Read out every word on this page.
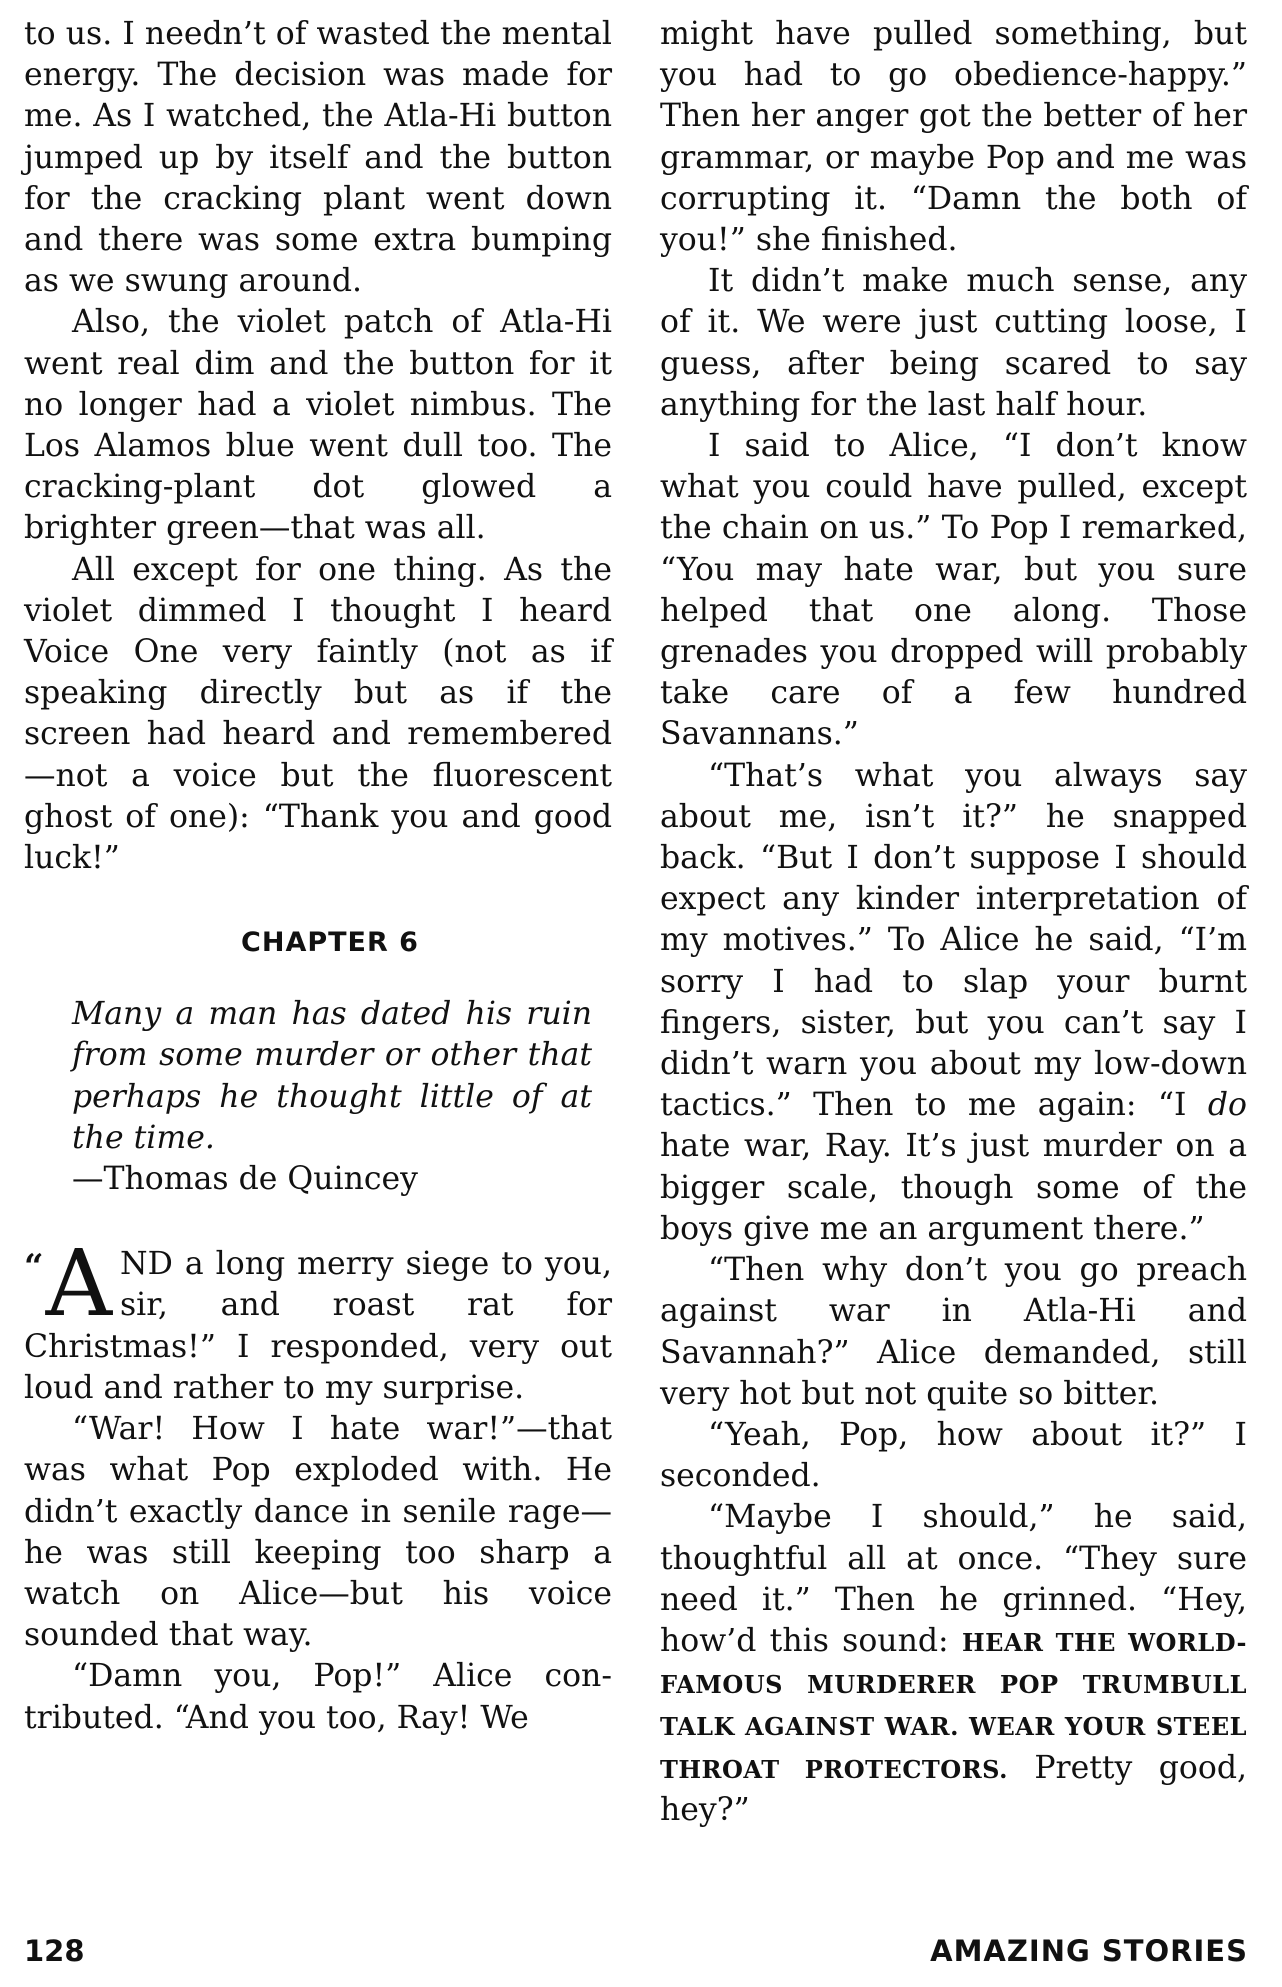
to us. I needn’t of wasted the mental energy. The decision was made for me. As I watched, the Atla-Hi button jumped up by itself and the button for the cracking plant went down and there was some extra bumping as we swung around.

Also, the violet patch of Atla-Hi went real dim and the button for it no longer had a violet nimbus. The Los Alamos blue went dull too. The cracking-plant dot glowed a brighter green—that was all.

All except for one thing. As the violet dimmed I thought I heard Voice One very faintly (not as if speaking directly but as if the screen had heard and remembered—not a voice but the fluorescent ghost of one): “Thank you and good luck!”

CHAPTER 6
Many a man has dated his ruin from some murder or other that perhaps he thought little of at the time.
—Thomas de Quincey
“ A ND a long merry siege to you, sir, and roast rat for Christmas!” I responded, very out loud and rather to my surprise.

“War! How I hate war!”—that was what Pop exploded with. He didn’t exactly dance in senile rage—he was still keeping too sharp a watch on Alice—but his voice sounded that way.

“Damn you, Pop!” Alice contributed. “And you too, Ray! We

might have pulled something, but you had to go obedience-happy.” Then her anger got the better of her grammar, or maybe Pop and me was corrupting it. “Damn the both of you!” she finished.

It didn’t make much sense, any of it. We were just cutting loose, I guess, after being scared to say anything for the last half hour.

I said to Alice, “I don’t know what you could have pulled, except the chain on us.” To Pop I remarked, “You may hate war, but you sure helped that one along. Those grenades you dropped will probably take care of a few hundred Savannans.”

“That’s what you always say about me, isn’t it?” he snapped back. “But I don’t suppose I should expect any kinder interpretation of my motives.” To Alice he said, “I’m sorry I had to slap your burnt fingers, sister, but you can’t say I didn’t warn you about my low-down tactics.” Then to me again: “I do hate war, Ray. It’s just murder on a bigger scale, though some of the boys give me an argument there.”

“Then why don’t you go preach against war in Atla-Hi and Savannah?” Alice demanded, still very hot but not quite so bitter.

“Yeah, Pop, how about it?” I seconded.

“Maybe I should,” he said, thoughtful all at once. “They sure need it.” Then he grinned. “Hey, how’d this sound: HEAR THE WORLD-FAMOUS MURDERER POP TRUMBULL TALK AGAINST WAR. WEAR YOUR STEEL THROAT PROTECTORS. Pretty good, hey?”

128	AMAZING STORIES
